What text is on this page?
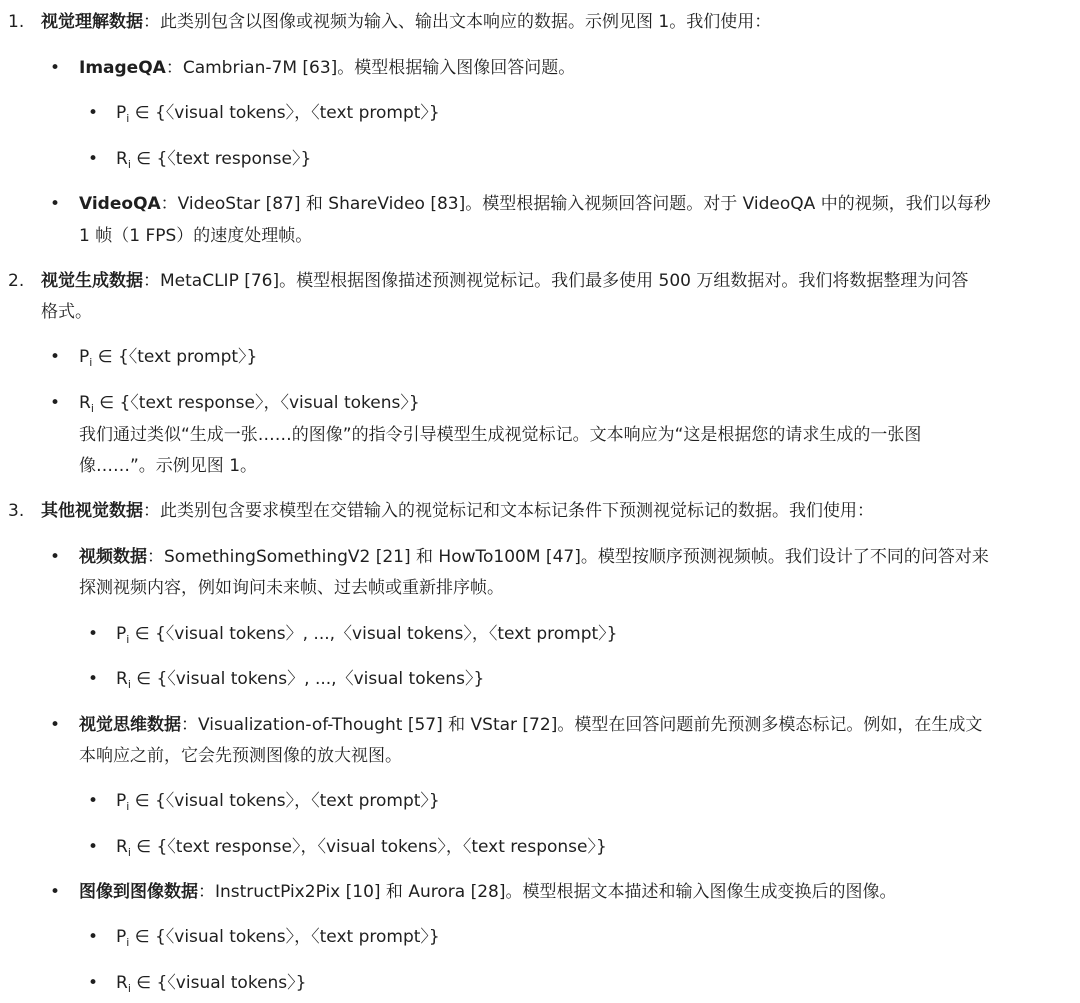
1. 视觉理解数据：此类别包含以图像或视频为输入、输出文本响应的数据。示例见图 1。我们使用：
•
ImageQA：Cambrian-7M [63]。模型根据输入图像回答问题。
•
$P_i$ ∈ {〈visual tokens〉，〈text prompt〉}
•
$R_i$ ∈ {〈text response〉}
•
VideoQA：VideoStar [87] 和 ShareVideo [83]。模型根据输入视频回答问题。对于 VideoQA 中的视频，我们以每秒
1 帧（1 FPS）的速度处理帧。
2. 视觉生成数据：MetaCLIP [76]。模型根据图像描述预测视觉标记。我们最多使用 500 万组数据对。我们将数据整理为问答
格式。
•
$P_i$ ∈ {〈text prompt〉}
•
$R_i$ ∈ {〈text response〉，〈visual tokens〉}
我们通过类似“生成一张……的图像”的指令引导模型生成视觉标记。文本响应为“这是根据您的请求生成的一张图
像……”。示例见图 1。
3. 其他视觉数据：此类别包含要求模型在交错输入的视觉标记和文本标记条件下预测视觉标记的数据。我们使用：
•
视频数据：SomethingSomethingV2 [21] 和 HowTo100M [47]。模型按顺序预测视频帧。我们设计了不同的问答对来
探测视频内容，例如询问未来帧、过去帧或重新排序帧。
•
$P_i$ ∈ {〈visual tokens〉, ...,〈visual tokens〉，〈text prompt〉}
•
$R_i$ ∈ {〈visual tokens〉, ...,〈visual tokens〉}
•
视觉思维数据：Visualization-of-Thought [57] 和 VStar [72]。模型在回答问题前先预测多模态标记。例如，在生成文
本响应之前，它会先预测图像的放大视图。
•
$P_i$ ∈ {〈visual tokens〉，〈text prompt〉}
•
$R_i$ ∈ {〈text response〉，〈visual tokens〉，〈text response〉}
•
图像到图像数据：InstructPix2Pix [10] 和 Aurora [28]。模型根据文本描述和输入图像生成变换后的图像。
•
$P_i$ ∈ {〈visual tokens〉，〈text prompt〉}
•
$R_i$ ∈ {〈visual tokens〉}
